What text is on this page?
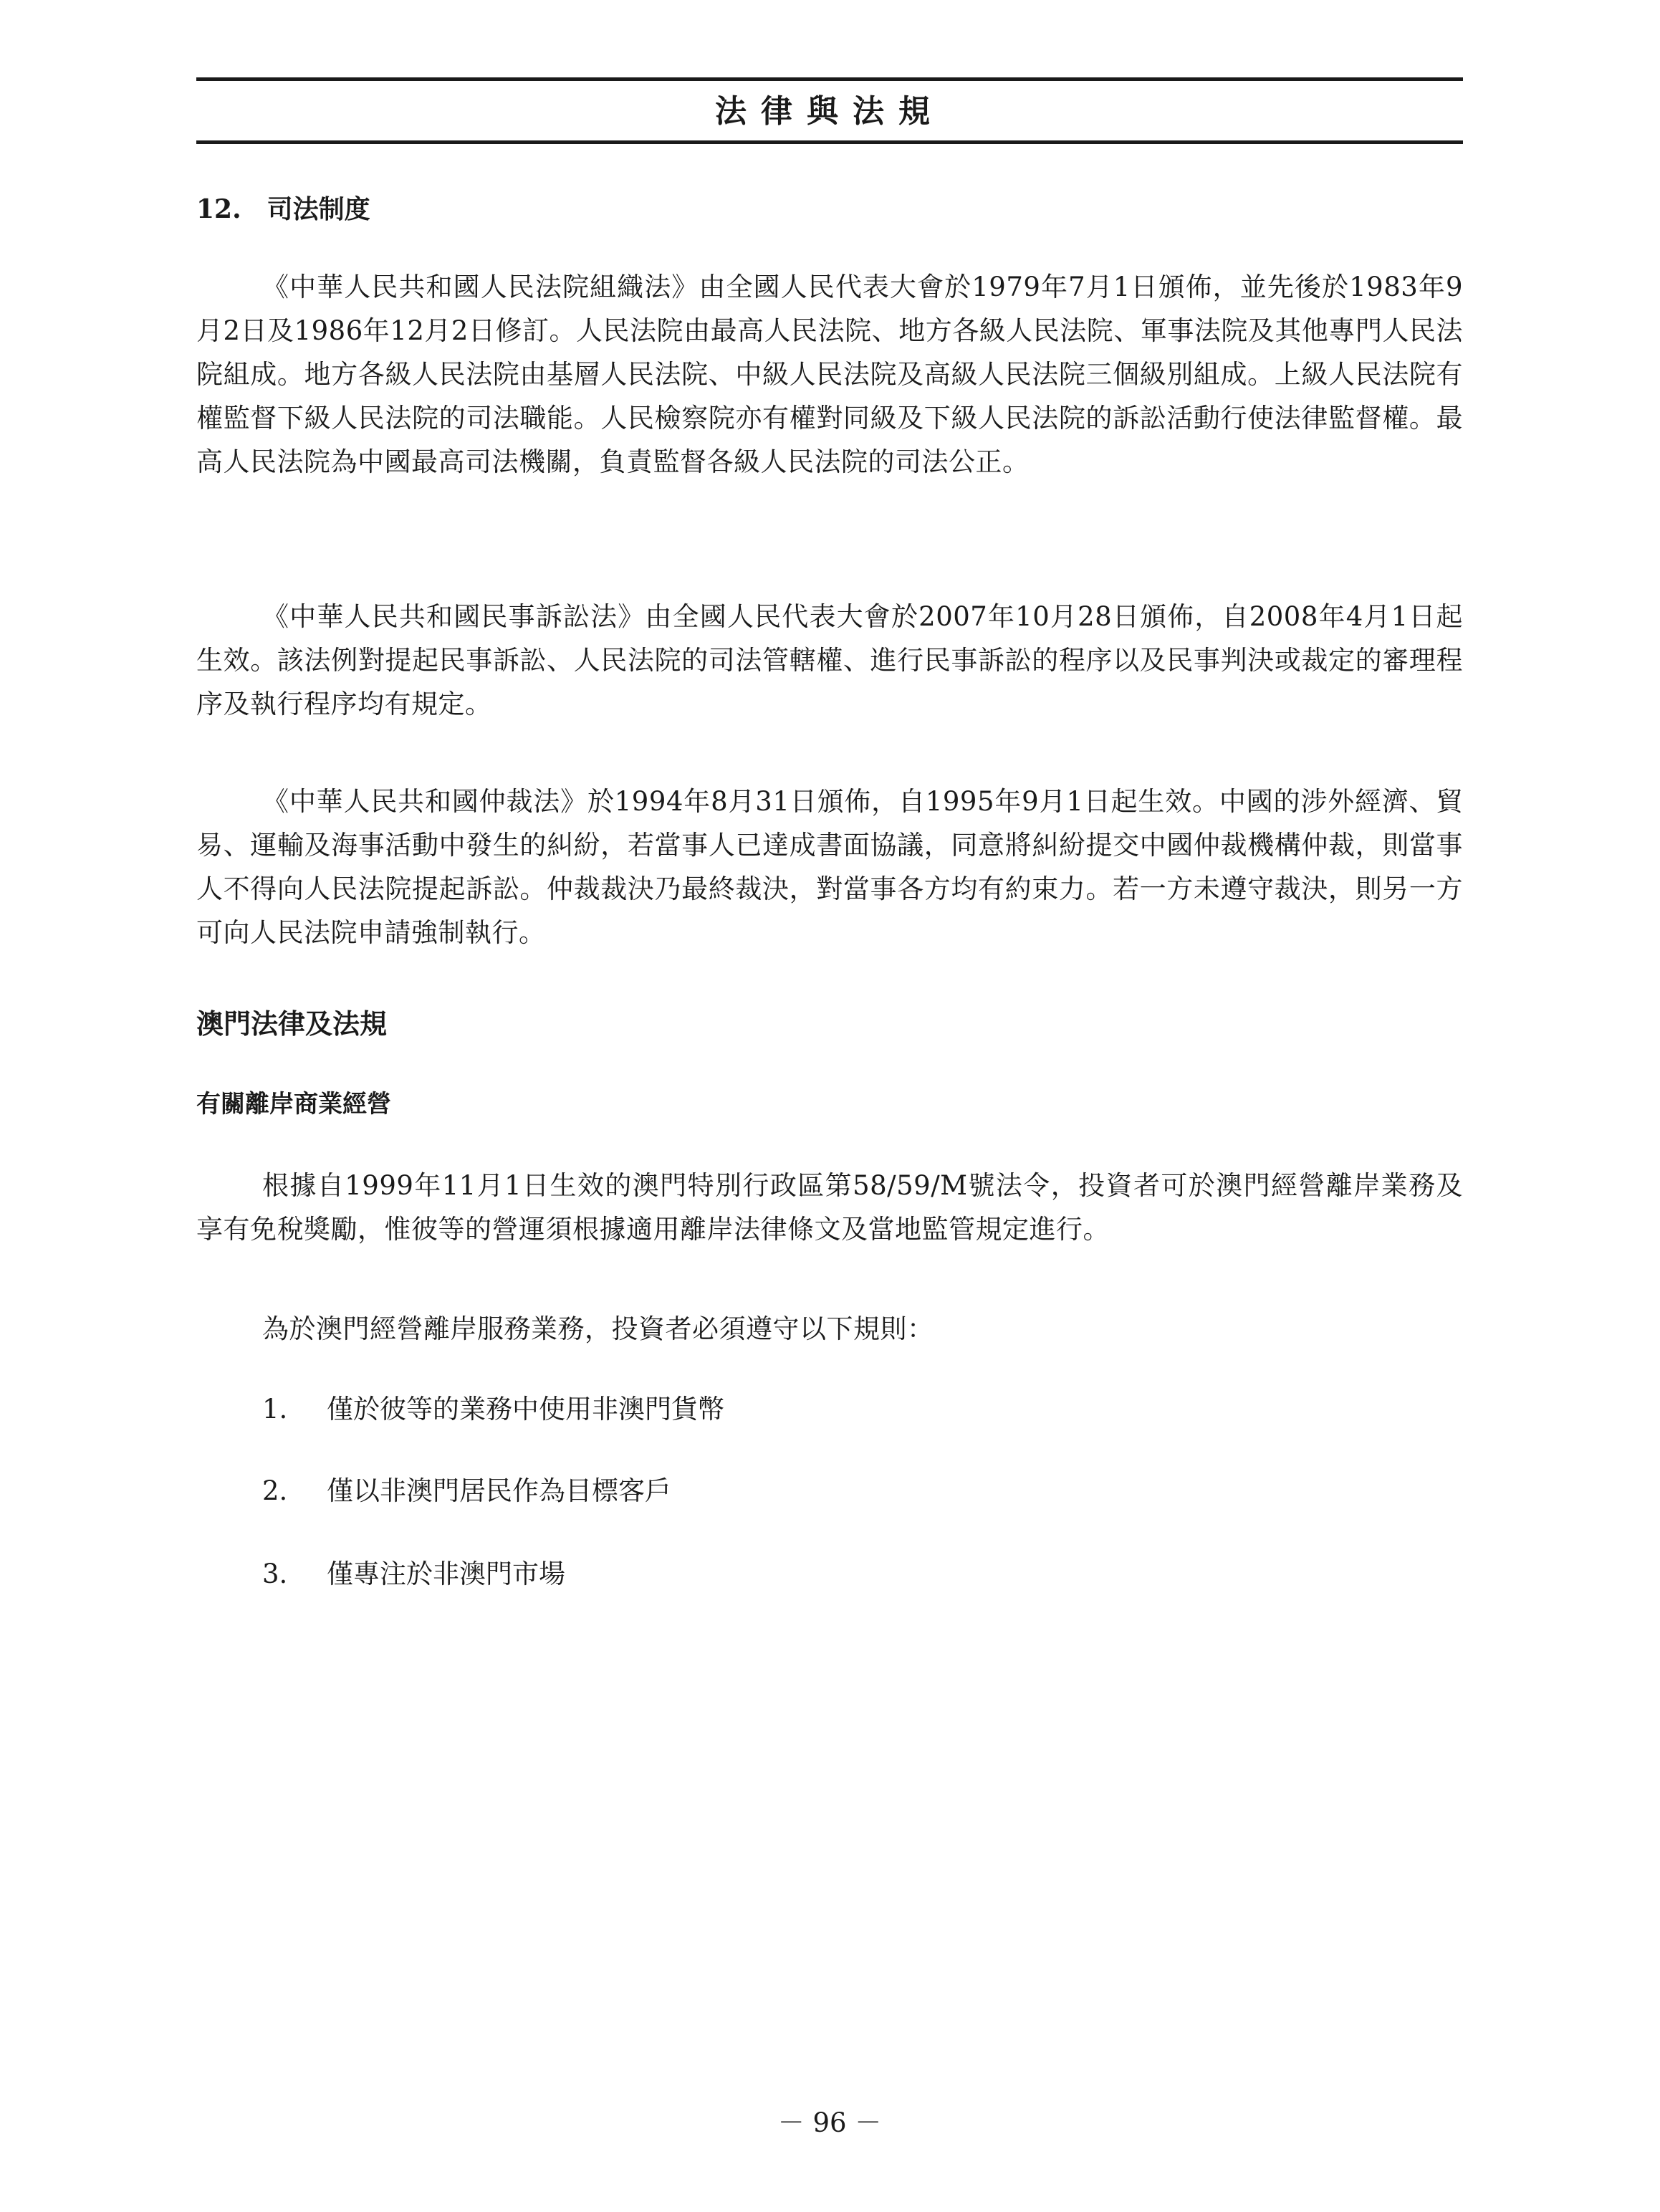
法律與法規
12.　司法制度

《中華人民共和國人民法院組織法》由全國人民代表大會於1979年7月1日頒佈，並先後於1983年9月2日及1986年12月2日修訂。人民法院由最高人民法院、地方各級人民法院、軍事法院及其他專門人民法院組成。地方各級人民法院由基層人民法院、中級人民法院及高級人民法院三個級別組成。上級人民法院有權監督下級人民法院的司法職能。人民檢察院亦有權對同級及下級人民法院的訴訟活動行使法律監督權。最高人民法院為中國最高司法機關，負責監督各級人民法院的司法公正。

《中華人民共和國民事訴訟法》由全國人民代表大會於2007年10月28日頒佈，自2008年4月1日起生效。該法例對提起民事訴訟、人民法院的司法管轄權、進行民事訴訟的程序以及民事判決或裁定的審理程序及執行程序均有規定。

《中華人民共和國仲裁法》於1994年8月31日頒佈，自1995年9月1日起生效。中國的涉外經濟、貿易、運輸及海事活動中發生的糾紛，若當事人已達成書面協議，同意將糾紛提交中國仲裁機構仲裁，則當事人不得向人民法院提起訴訟。仲裁裁決乃最終裁決，對當事各方均有約束力。若一方未遵守裁決，則另一方可向人民法院申請強制執行。

澳門法律及法規
有關離岸商業經營

根據自1999年11月1日生效的澳門特別行政區第58/59/M號法令，投資者可於澳門經營離岸業務及享有免稅獎勵，惟彼等的營運須根據適用離岸法律條文及當地監管規定進行。

為於澳門經營離岸服務業務，投資者必須遵守以下規則：

1. 僅於彼等的業務中使用非澳門貨幣
2. 僅以非澳門居民作為目標客戶
3. 僅專注於非澳門市場
－ 96 －
